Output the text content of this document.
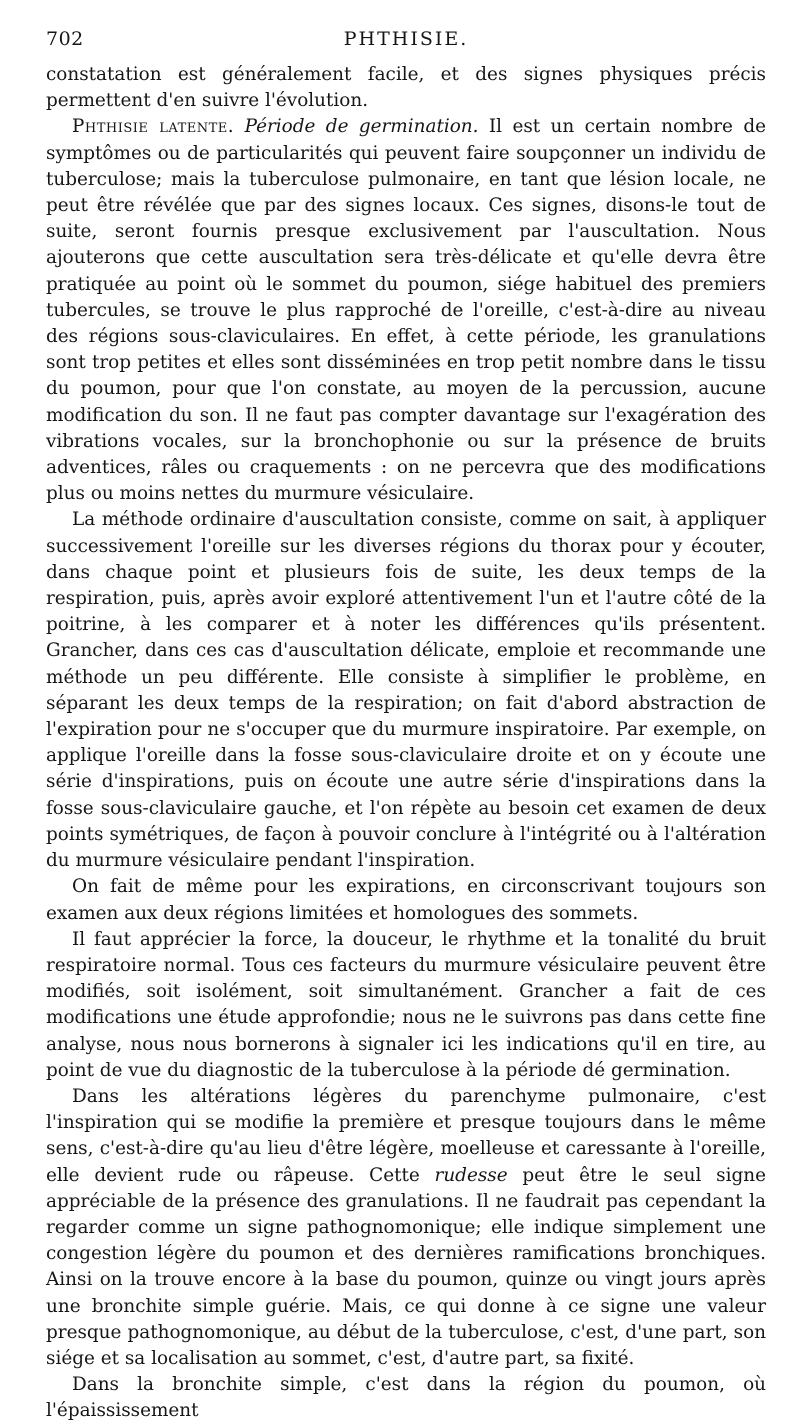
702	PHTHISIE.

constatation est généralement facile, et des signes physiques précis permettent d'en suivre l'évolution.

Phthisie latente. Période de germination. Il est un certain nombre de symptômes ou de particularités qui peuvent faire soupçonner un individu de tuberculose; mais la tuberculose pulmonaire, en tant que lésion locale, ne peut être révélée que par des signes locaux. Ces signes, disons-le tout de suite, seront fournis presque exclusivement par l'auscultation. Nous ajouterons que cette auscultation sera très-délicate et qu'elle devra être pratiquée au point où le sommet du poumon, siége habituel des premiers tubercules, se trouve le plus rapproché de l'oreille, c'est-à-dire au niveau des régions sous-claviculaires. En effet, à cette période, les granulations sont trop petites et elles sont disséminées en trop petit nombre dans le tissu du poumon, pour que l'on constate, au moyen de la percussion, aucune modification du son. Il ne faut pas compter davantage sur l'exagération des vibrations vocales, sur la bronchophonie ou sur la présence de bruits adventices, râles ou craquements : on ne percevra que des modifications plus ou moins nettes du murmure vésiculaire.

La méthode ordinaire d'auscultation consiste, comme on sait, à appliquer successivement l'oreille sur les diverses régions du thorax pour y écouter, dans chaque point et plusieurs fois de suite, les deux temps de la respiration, puis, après avoir exploré attentivement l'un et l'autre côté de la poitrine, à les comparer et à noter les différences qu'ils présentent. Grancher, dans ces cas d'auscultation délicate, emploie et recommande une méthode un peu différente. Elle consiste à simplifier le problème, en séparant les deux temps de la respiration; on fait d'abord abstraction de l'expiration pour ne s'occuper que du murmure inspiratoire. Par exemple, on applique l'oreille dans la fosse sous-claviculaire droite et on y écoute une série d'inspirations, puis on écoute une autre série d'inspirations dans la fosse sous-claviculaire gauche, et l'on répète au besoin cet examen de deux points symétriques, de façon à pouvoir conclure à l'intégrité ou à l'altération du murmure vésiculaire pendant l'inspiration.

On fait de même pour les expirations, en circonscrivant toujours son examen aux deux régions limitées et homologues des sommets.

Il faut apprécier la force, la douceur, le rhythme et la tonalité du bruit respiratoire normal. Tous ces facteurs du murmure vésiculaire peuvent être modifiés, soit isolément, soit simultanément. Grancher a fait de ces modifications une étude approfondie; nous ne le suivrons pas dans cette fine analyse, nous nous bornerons à signaler ici les indications qu'il en tire, au point de vue du diagnostic de la tuberculose à la période dé germination.

Dans les altérations légères du parenchyme pulmonaire, c'est l'inspiration qui se modifie la première et presque toujours dans le même sens, c'est-à-dire qu'au lieu d'être légère, moelleuse et caressante à l'oreille, elle devient rude ou râpeuse. Cette rudesse peut être le seul signe appréciable de la présence des granulations. Il ne faudrait pas cependant la regarder comme un signe pathognomonique; elle indique simplement une congestion légère du poumon et des dernières ramifications bronchiques. Ainsi on la trouve encore à la base du poumon, quinze ou vingt jours après une bronchite simple guérie. Mais, ce qui donne à ce signe une valeur presque pathognomonique, au début de la tuberculose, c'est, d'une part, son siége et sa localisation au sommet, c'est, d'autre part, sa fixité.

Dans la bronchite simple, c'est dans la région du poumon, où l'épaississement
